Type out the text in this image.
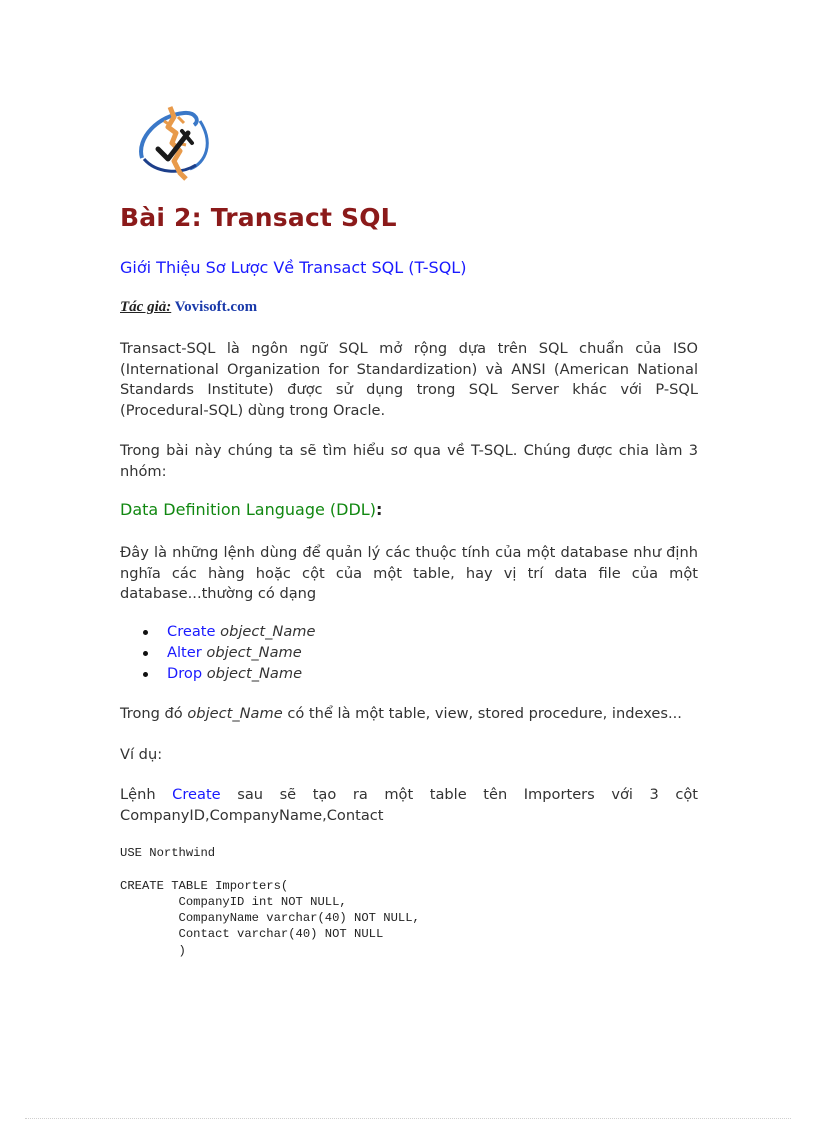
Bài 2: Transact SQL
Giới Thiệu Sơ Lược Về Transact SQL (T-SQL)
Tác giả: Vovisoft.com

Transact-SQL là ngôn ngữ SQL mở rộng dựa trên SQL chuẩn của ISO (International Organization for Standardization) và ANSI (American National Standards Institute) được sử dụng trong SQL Server khác với P-SQL (Procedural-SQL) dùng trong Oracle.

Trong bài này chúng ta sẽ tìm hiểu sơ qua về T-SQL. Chúng được chia làm 3 nhóm:

Data Definition Language (DDL):

Đây là những lệnh dùng để quản lý các thuộc tính của một database như định nghĩa các hàng hoặc cột của một table, hay vị trí data file của một database...thường có dạng

Create object_Name
Alter object_Name
Drop object_Name

Trong đó object_Name có thể là một table, view, stored procedure, indexes...

Ví dụ:

Lệnh Create sau sẽ tạo ra một table tên Importers với 3 cột CompanyID,CompanyName,Contact

USE Northwind

CREATE TABLE Importers(
CompanyID int NOT NULL,
CompanyName varchar(40) NOT NULL,
Contact varchar(40) NOT NULL
)
